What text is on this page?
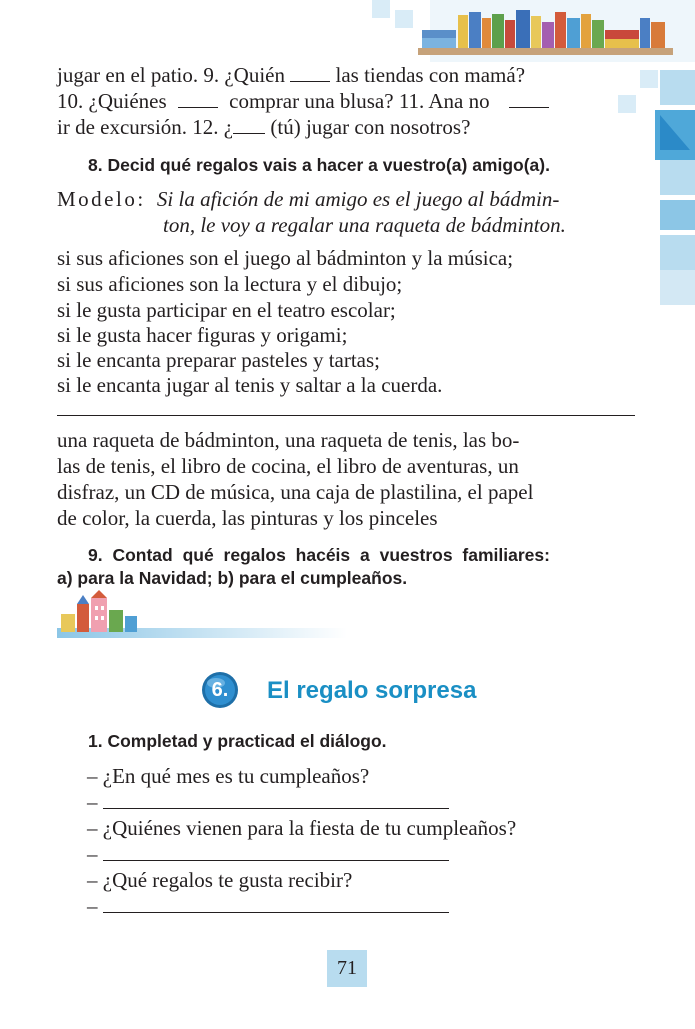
jugar en el patio. 9. ¿Quién las tiendas con mamá?
10. ¿Quiénes	comprar una blusa? 11. Ana no
ir de excursión. 12. ¿ (tú) jugar con nosotros?
8. Decid qué regalos vais a hacer a vuestro(a) amigo(a).
Modelo: Si la afición de mi amigo es el juego al bádmin-
ton, le voy a regalar una raqueta de bádminton.
si sus aficiones son el juego al bádminton y la música;
si sus aficiones son la lectura y el dibujo;
si le gusta participar en el teatro escolar;
si le gusta hacer figuras y origami;
si le encanta preparar pasteles y tartas;
si le encanta jugar al tenis y saltar a la cuerda.
una raqueta de bádminton, una raqueta de tenis, las bo-
las de tenis, el libro de cocina, el libro de aventuras, un
disfraz, un CD de música, una caja de plastilina, el papel
de color, la cuerda, las pinturas y los pinceles
9. Contad qué regalos hacéis a vuestros familiares:
a) para la Navidad; b) para el cumpleaños.
6.	El regalo sorpresa
1. Completad y practicad el diálogo.
– ¿En qué mes es tu cumpleaños?
–
– ¿Quiénes vienen para la fiesta de tu cumpleaños?
–
– ¿Qué regalos te gusta recibir?
–
71
